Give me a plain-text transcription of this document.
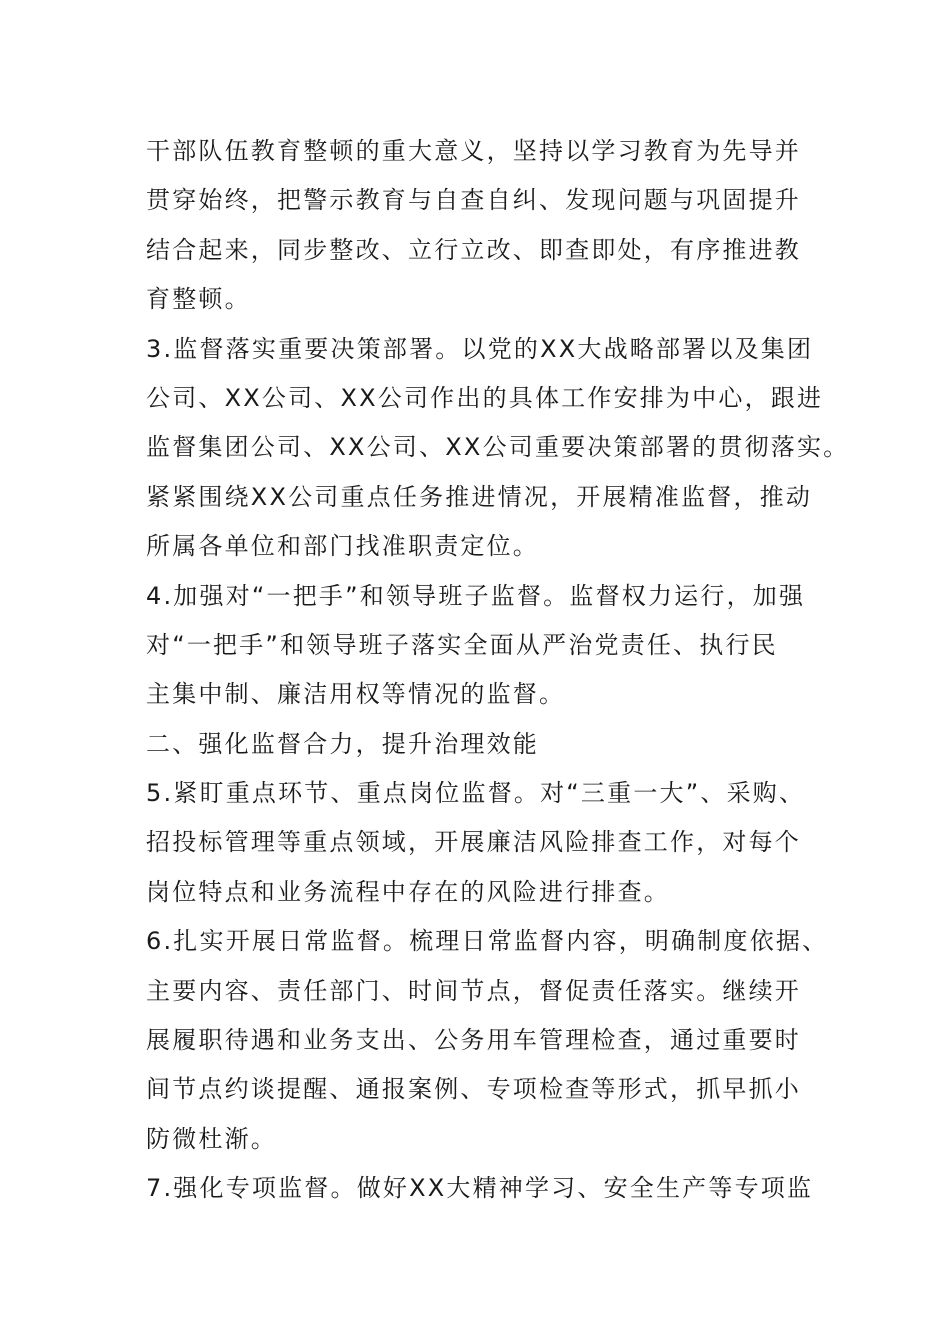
干部队伍教育整顿的重大意义，坚持以学习教育为先导并
贯穿始终，把警示教育与自查自纠、发现问题与巩固提升
结合起来，同步整改、立行立改、即查即处，有序推进教
育整顿。
3.监督落实重要决策部署。以党的XX大战略部署以及集团
公司、XX公司、XX公司作出的具体工作安排为中心，跟进
监督集团公司、XX公司、XX公司重要决策部署的贯彻落实。
紧紧围绕XX公司重点任务推进情况，开展精准监督，推动
所属各单位和部门找准职责定位。
4.加强对“一把手”和领导班子监督。监督权力运行，加强
对“一把手”和领导班子落实全面从严治党责任、执行民
主集中制、廉洁用权等情况的监督。
二、强化监督合力，提升治理效能
5.紧盯重点环节、重点岗位监督。对“三重一大”、采购、
招投标管理等重点领域，开展廉洁风险排查工作，对每个
岗位特点和业务流程中存在的风险进行排查。
6.扎实开展日常监督。梳理日常监督内容，明确制度依据、
主要内容、责任部门、时间节点，督促责任落实。继续开
展履职待遇和业务支出、公务用车管理检查，通过重要时
间节点约谈提醒、通报案例、专项检查等形式，抓早抓小
防微杜渐。
7.强化专项监督。做好XX大精神学习、安全生产等专项监
